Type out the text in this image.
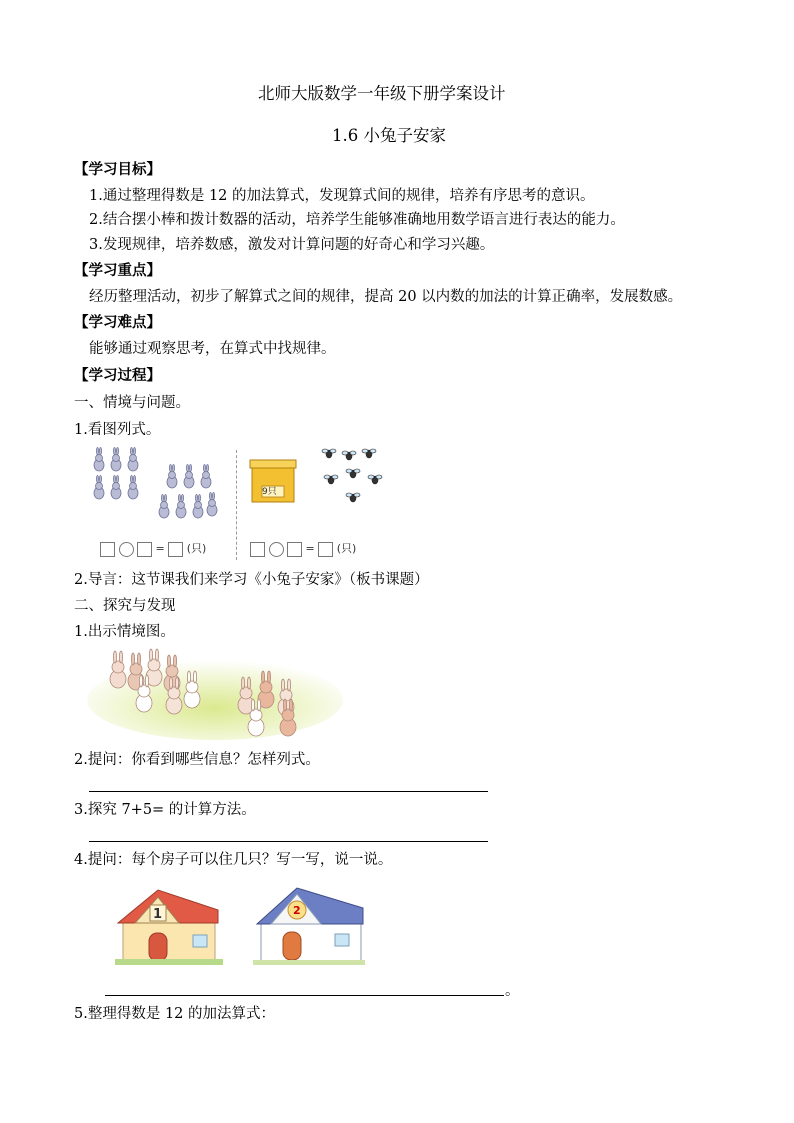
北师大版数学一年级下册学案设计
1.6 小兔子安家
【学习目标】
1.通过整理得数是 12 的加法算式，发现算式间的规律，培养有序思考的意识。
2.结合摆小棒和拨计数器的活动，培养学生能够准确地用数学语言进行表达的能力。
3.发现规律，培养数感，激发对计算问题的好奇心和学习兴趣。
【学习重点】
经历整理活动，初步了解算式之间的规律，提高 20 以内数的加法的计算正确率，发展数感。
【学习难点】
能够通过观察思考，在算式中找规律。
【学习过程】
一、情境与问题。
1.看图列式。
= (只)
9只
= (只)
2.导言：这节课我们来学习《小兔子安家》（板书课题）
二、探究与发现
1.出示情境图。
2.提问：你看到哪些信息？怎样列式。
3.探究 7+5= 的计算方法。
4.提问：每个房子可以住几只？写一写，说一说。
1	2
。
5.整理得数是 12 的加法算式：
